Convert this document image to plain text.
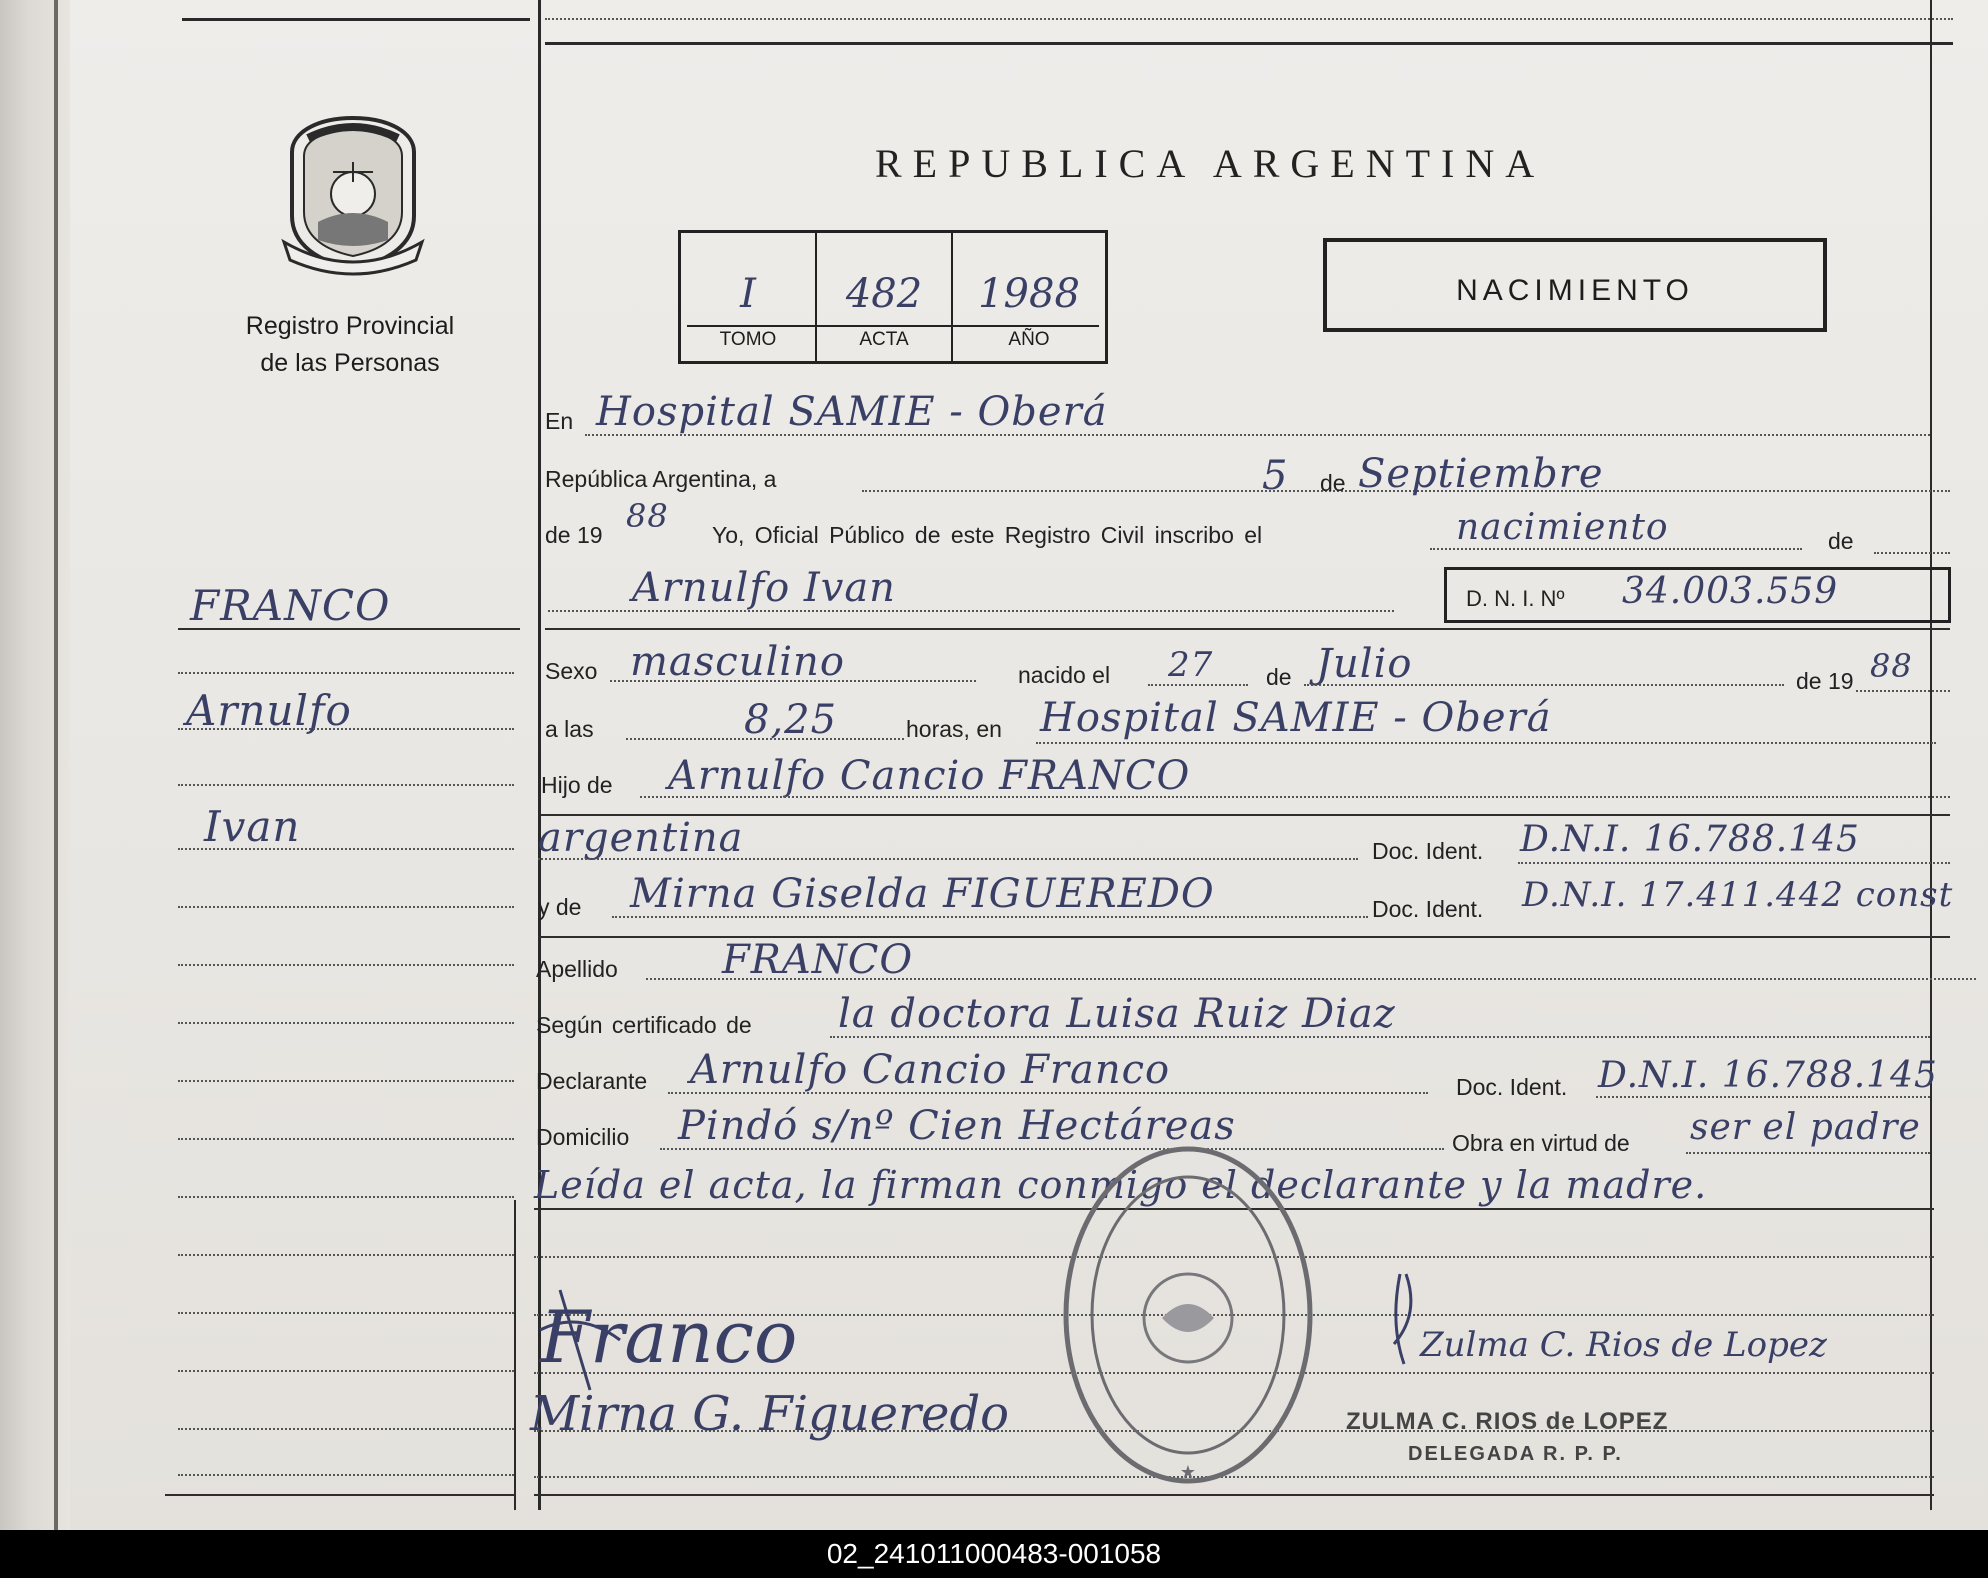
Registro Provincial
de las Personas
REPUBLICA ARGENTINA
NACIMIENTO
I
TOMO
482
ACTA
1988
AÑO
FRANCO
Arnulfo
Ivan
En Hospital SAMIE - Oberá
República Argentina, a	5 de Septiembre
de 19 88 Yo, Oficial Público de este Registro Civil inscribo el	nacimiento	de
Arnulfo Ivan	D. N. I. Nº 34.003.559
Sexo masculino	nacido el 27 de Julio	de 19 88
a las	8,25	horas, en Hospital SAMIE - Oberá
Hijo de Arnulfo Cancio FRANCO
argentina	Doc. Ident. D.N.I. 16.788.145
y de Mirna Giselda FIGUEREDO	Doc. Ident. D.N.I. 17.411.442 const
Apellido	FRANCO
Según certificado de la doctora Luisa Ruiz Diaz
Declarante Arnulfo Cancio Franco	Doc. Ident. D.N.I. 16.788.145
Domicilio Pindó s/nº Cien Hectáreas	Obra en virtud de ser el padre
Leída el acta, la firman conmigo el declarante y la madre.
★
Franco
Mirna G. Figueredo
Zulma C. Rios de Lopez
ZULMA C. RIOS de LOPEZ
DELEGADA R. P. P.
02_241011000483-001058
